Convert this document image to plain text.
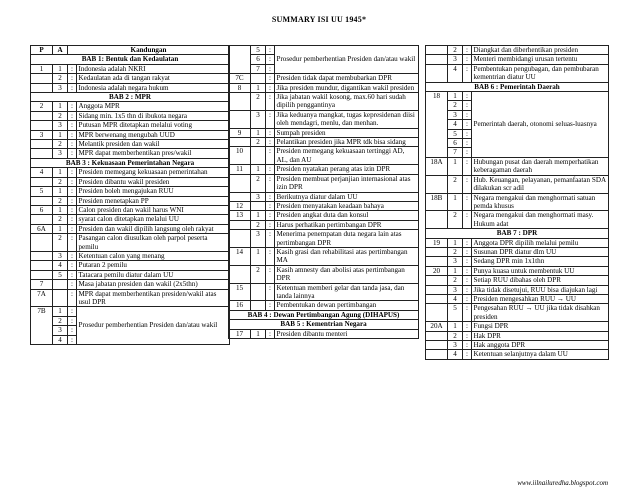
SUMMARY ISI UU 1945*
P	A	Kandungan	
BAB 1: Bentuk dan Kedaulatan			
1	1	:	Indonesia adalah NKRI
	2	:	Kedaulatan ada di tangan rakyat
	3	:	Indonesia adalah negara hukum
BAB 2 : MPR			
2	1	:	Anggota MPR
	2	:	Sidang min. 1x5 thn di ibukota negara
	3	:	Putusan MPR ditetapkan melalui voting
3	1	:	MPR berwenang mengubah UUD
	2	:	Melantik presiden dan wakil
	3	:	MPR dapat memberhentikan pres/wakil
BAB 3 : Kekuasaan Pemerintahan Negara			
4	1	:	Presiden memegang kekuasaan pemerintahan
	2	:	Presiden dibantu wakil presiden
5	1	:	Presiden boleh mengajukan RUU
	2	:	Presiden menetapkan PP
6	1	:	Calon presiden dan wakil harus WNI
	2	:	syarat calon ditetapkan melalui UU
6A	1	:	Presiden dan wakil dipilih langsung oleh rakyat
	2	:	Pasangan calon diusulkan oleh parpol peserta pemilu
	3	:	Ketentuan calon yang menang
	4	:	Putaran 2 pemilu
	5	:	Tatacara pemilu diatur dalam UU
7		:	Masa jabatan presiden dan wakil (2x5thn)
7A		:	MPR dapat memberhentikan presiden/wakil atas usul DPR
7B	1	:	Prosedur pemberhentian Presiden dan/atau wakil
	2	:	
	3	:	
	4	:	
	5	:	Prosedur pemberhentian Presiden dan/atau wakil
	6	:	
	7	:	
7C		:	Presiden tidak dapat membubarkan DPR
8	1	:	Jika presiden mundur, digantikan wakil presiden
	2	:	Jika jabatan wakil kosong, max.60 hari sudah dipilih penggantinya
	3	:	Jika keduanya mangkat, tugas kepresidenan diisi oleh mendagri, menlu, dan menhan.
9	1	:	Sumpah presiden
	2	:	Pelantikan presiden jika MPR tdk bisa sidang
10		:	Presiden memegang kekuasaan tertinggi AD, AL, dan AU
11	1	:	Presiden nyatakan perang atas izin DPR
	2	:	Presiden membuat perjanjian internasional atas izin DPR
	3	:	Berikutnya diatur dalam UU
12		:	Presiden menyatakan keadaan bahaya
13	1	:	Presiden angkat duta dan konsul
	2	:	Harus perhatikan pertimbangan DPR
	3	:	Menerima penempatan duta negara lain atas pertimbangan DPR
14	1	:	Kasih grasi dan rehabilitasi atas pertimbangan MA
	2	:	Kasih amnesty dan abolisi atas pertimbangan DPR
15		:	Ketentuan memberi gelar dan tanda jasa, dan tanda lainnya
16		:	Pembentukan dewan pertimbangan
BAB 4 : Dewan Pertimbangan Agung (DIHAPUS)			
BAB 5 : Kementrian Negara			
17	1	:	Presiden dibantu menteri
	2	:	Diangkat dan diberhentikan presiden
	3	:	Menteri membidangi urusan tertentu
	4	:	Pembentukan pengubagan, dan pembubaran kementrian diatur UU
BAB 6 : Pemerintah Daerah			
18	1	:	Pemerintah daerah, otonomi seluas-luasnya
	2	:	
	3	:	
	4	:	
	5	:	
	6	:	
	7	:	
18A	1	:	Hubungan pusat dan daerah memperhatikan keberagaman daerah
	2	:	Hub. Keuangan, pelayanan, pemanfaatan SDA dilakukan scr adil
18B	1	:	Negara mengakui dan menghormati satuan pemda khusus
	2	:	Negara mengakui dan menghormati masy. Hukum adat
BAB 7 : DPR			
19	1	:	Anggota DPR dipilih melalui pemilu
	2	:	Susunan DPR diatur dlm UU
	3	:	Sedang DPR min 1x1thn
20	1	:	Punya kuasa untuk membentuk UU
	2	:	Setiap RUU dibahas oleh DPR
	3	:	Jika tidak disetujui, RUU bisa diajukan lagi
	4	:	Presiden mengesahkan RUU → UU
	5	:	Pengesahan RUU → UU jika tidak disahkan presiden
20A	1	:	Fungsi DPR
	2	:	Hak DPR
	3	:	Hak anggota DPR
	4	:	Ketentuan selanjutnya dalam UU
www.iilnailuredha.blogspot.com
